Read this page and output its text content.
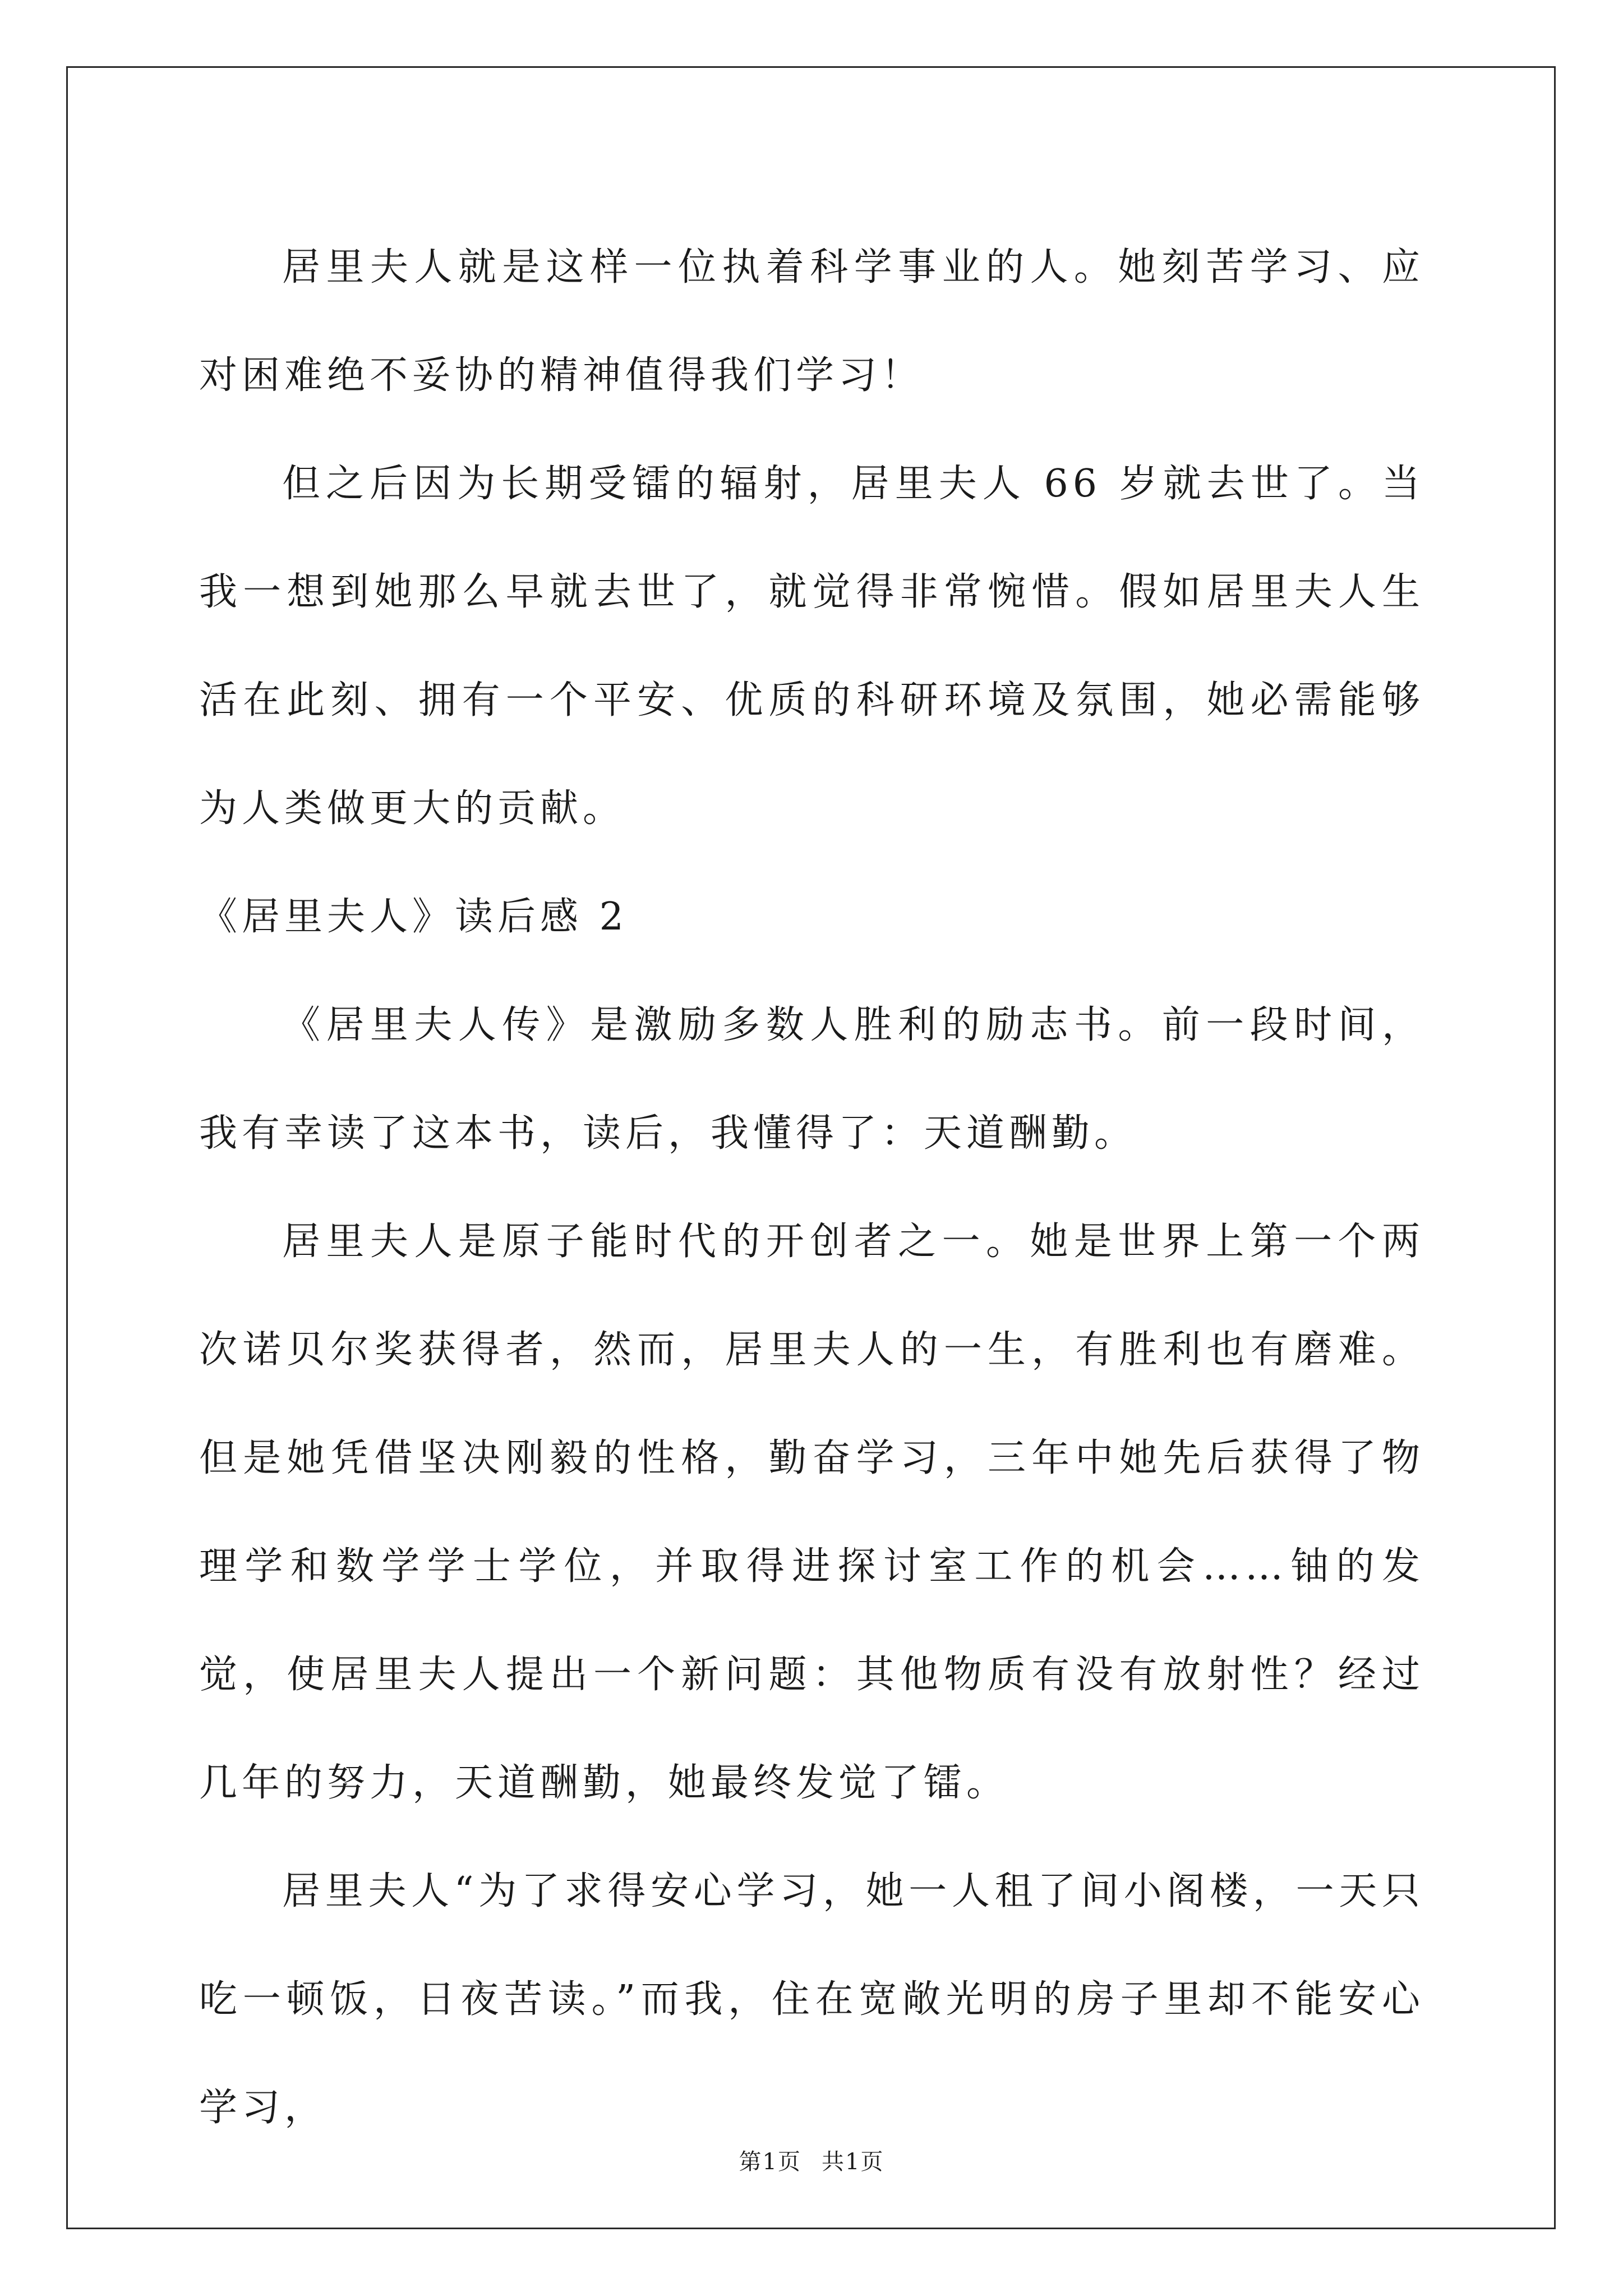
居里夫人就是这样一位执着科学事业的人。她刻苦学习、应对困难绝不妥协的精神值得我们学习！

但之后因为长期受镭的辐射，居里夫人 66 岁就去世了。当我一想到她那么早就去世了，就觉得非常惋惜。假如居里夫人生活在此刻、拥有一个平安、优质的科研环境及氛围，她必需能够为人类做更大的贡献。

《居里夫人》读后感 2

《居里夫人传》是激励多数人胜利的励志书。前一段时间，我有幸读了这本书，读后，我懂得了：天道酬勤。

居里夫人是原子能时代的开创者之一。她是世界上第一个两次诺贝尔奖获得者，然而，居里夫人的一生，有胜利也有磨难。但是她凭借坚决刚毅的性格，勤奋学习，三年中她先后获得了物理学和数学学士学位，并取得进探讨室工作的机会……铀的发觉，使居里夫人提出一个新问题：其他物质有没有放射性？经过几年的努力，天道酬勤，她最终发觉了镭。

居里夫人“为了求得安心学习，她一人租了间小阁楼，一天只吃一顿饭，日夜苦读。”而我，住在宽敞光明的房子里却不能安心学习，

第1页 共1页
